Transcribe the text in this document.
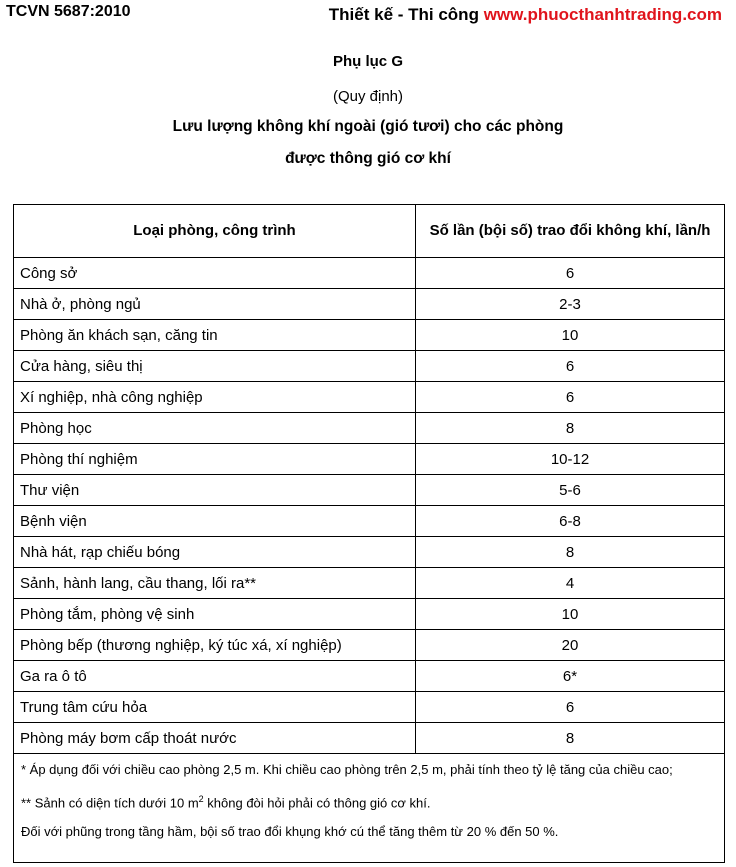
TCVN 5687:2010	Thiết kế - Thi công www.phuocthanhtrading.com
Phụ lục G
(Quy định)
Lưu lượng không khí ngoài (gió tươi) cho các phòng
được thông gió cơ khí
Loại phòng, công trình	Số lần (bội số) trao đổi không khí, lần/h
Công sở	6
Nhà ở, phòng ngủ	2-3
Phòng ăn khách sạn, căng tin	10
Cửa hàng, siêu thị	6
Xí nghiệp, nhà công nghiệp	6
Phòng học	8
Phòng thí nghiệm	10-12
Thư viện	5-6
Bệnh viện	6-8
Nhà hát, rạp chiếu bóng	8
Sảnh, hành lang, cầu thang, lối ra**	4
Phòng tắm, phòng vệ sinh	10
Phòng bếp (thương nghiệp, ký túc xá, xí nghiệp)	20
Ga ra ô tô	6*
Trung tâm cứu hỏa	6
Phòng máy bơm cấp thoát nước	8

* Áp dụng đối với chiều cao phòng 2,5 m. Khi chiều cao phòng trên 2,5 m, phải tính theo tỷ lệ tăng của chiều cao;

** Sảnh có diện tích dưới 10 $m^2$ không đòi hỏi phải có thông gió cơ khí.

Đối với phũng trong tầng hầm, bội số trao đổi khụng khớ cú thể tăng thêm từ 20 % đến 50 %.
